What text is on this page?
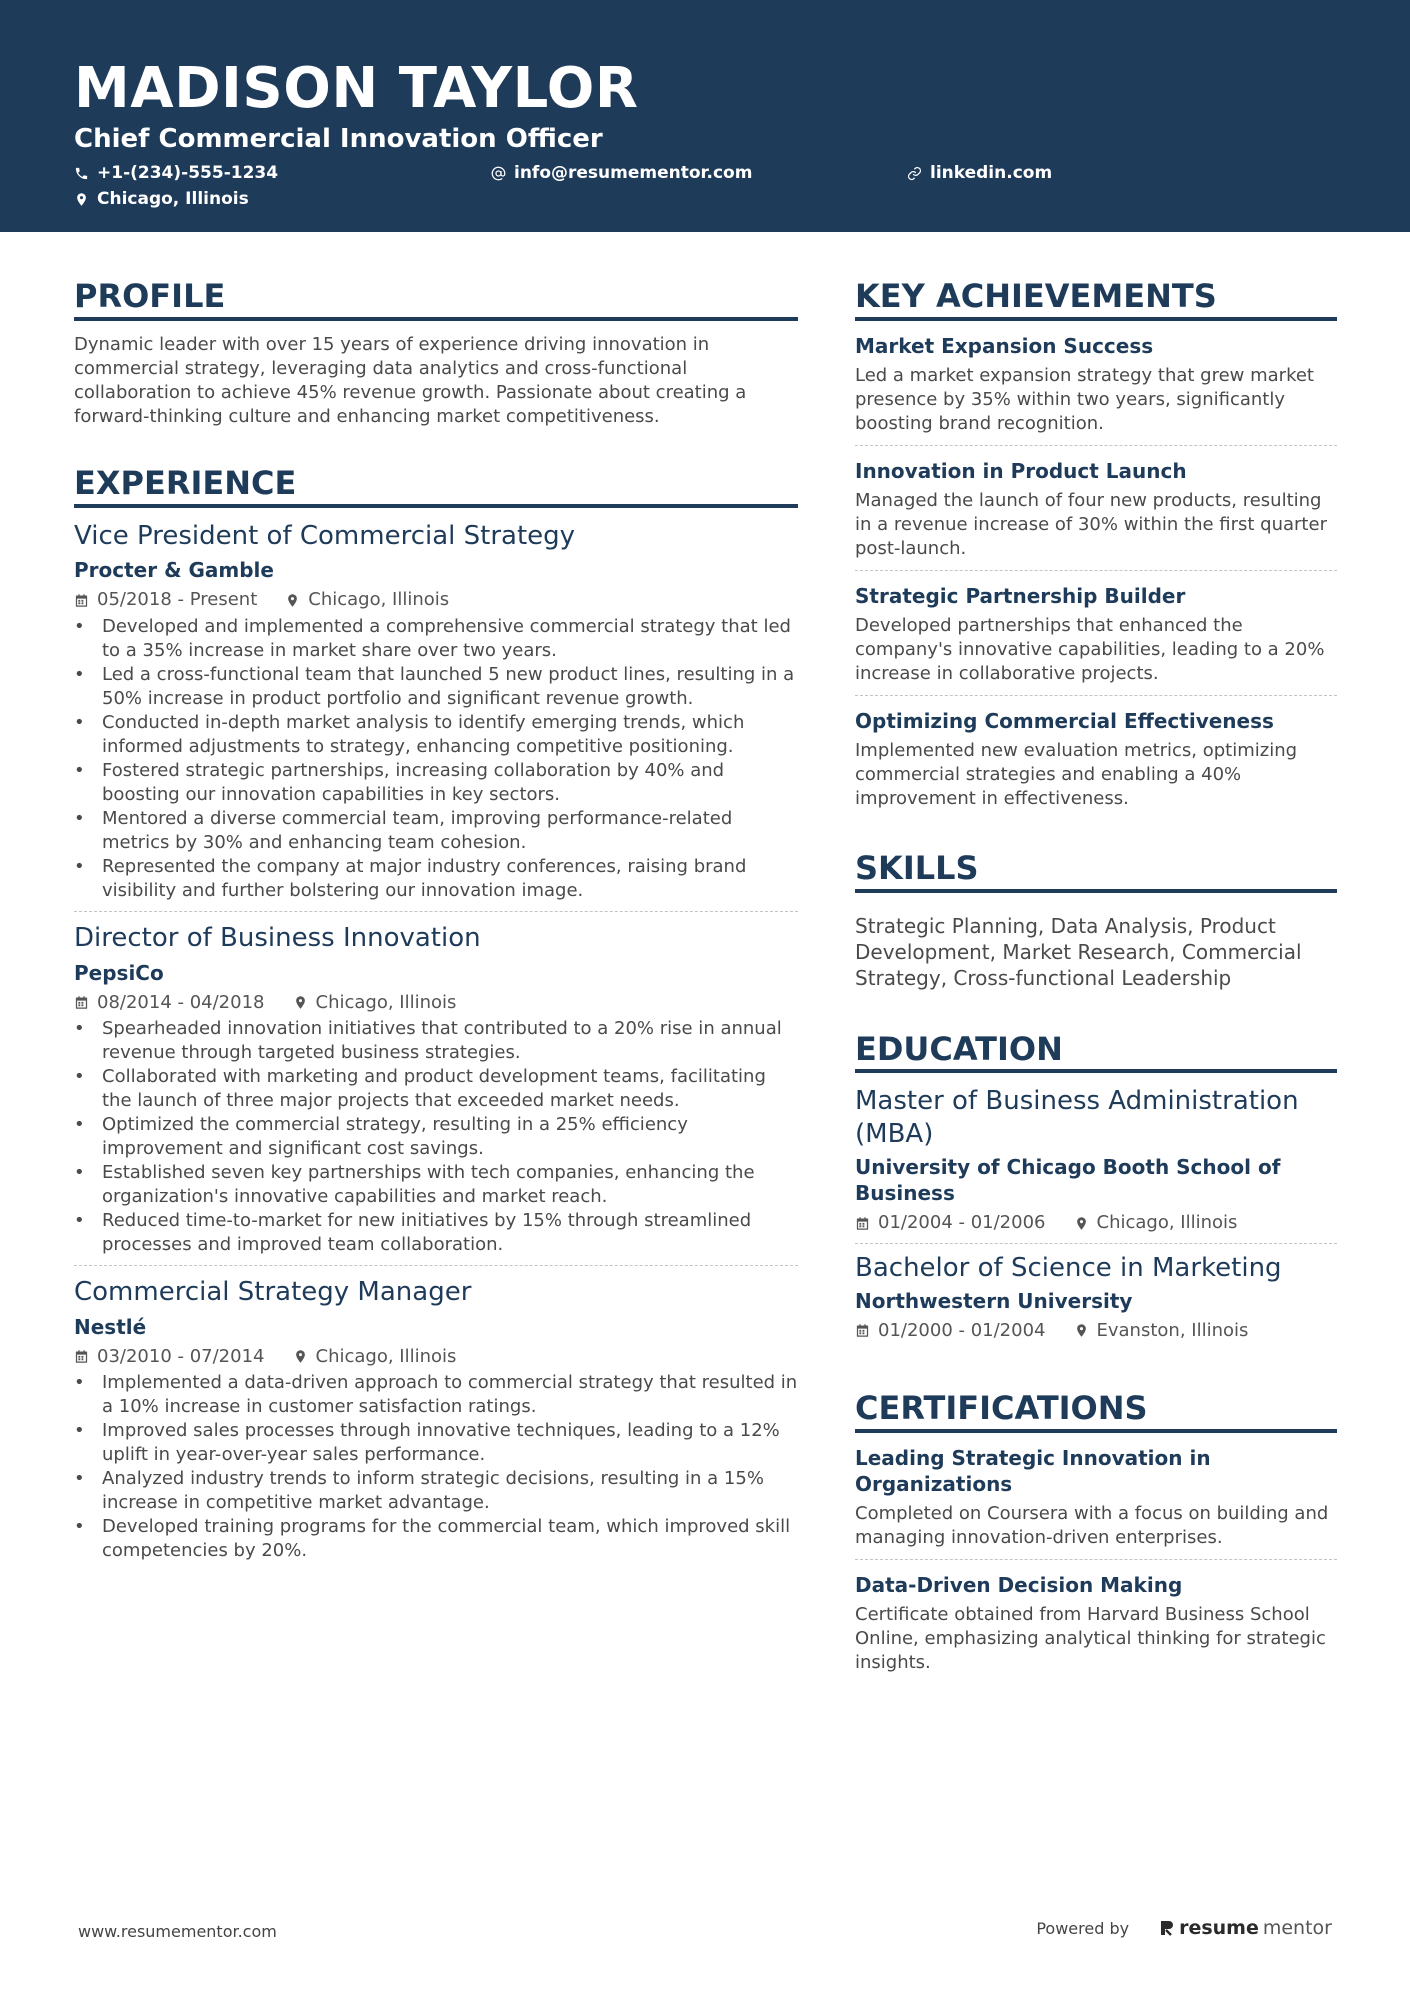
MADISON TAYLOR
Chief Commercial Innovation Officer
+1-(234)-555-1234	info@resumementor.com	linkedin.com
Chicago, Illinois
PROFILE

Dynamic leader with over 15 years of experience driving innovation in commercial strategy, leveraging data analytics and cross-functional collaboration to achieve 45% revenue growth. Passionate about creating a forward-thinking culture and enhancing market competitiveness.

EXPERIENCE
Vice President of Commercial Strategy
Procter & Gamble
05/2018 - Present	Chicago, Illinois
• Developed and implemented a comprehensive commercial strategy that led to a 35% increase in market share over two years.
• Led a cross-functional team that launched 5 new product lines, resulting in a 50% increase in product portfolio and significant revenue growth.
• Conducted in-depth market analysis to identify emerging trends, which informed adjustments to strategy, enhancing competitive positioning.
• Fostered strategic partnerships, increasing collaboration by 40% and boosting our innovation capabilities in key sectors.
• Mentored a diverse commercial team, improving performance-related metrics by 30% and enhancing team cohesion.
• Represented the company at major industry conferences, raising brand visibility and further bolstering our innovation image.
Director of Business Innovation
PepsiCo
08/2014 - 04/2018	Chicago, Illinois
• Spearheaded innovation initiatives that contributed to a 20% rise in annual revenue through targeted business strategies.
• Collaborated with marketing and product development teams, facilitating the launch of three major projects that exceeded market needs.
• Optimized the commercial strategy, resulting in a 25% efficiency improvement and significant cost savings.
• Established seven key partnerships with tech companies, enhancing the organization's innovative capabilities and market reach.
• Reduced time-to-market for new initiatives by 15% through streamlined processes and improved team collaboration.
Commercial Strategy Manager
Nestlé
03/2010 - 07/2014	Chicago, Illinois
• Implemented a data-driven approach to commercial strategy that resulted in a 10% increase in customer satisfaction ratings.
• Improved sales processes through innovative techniques, leading to a 12% uplift in year-over-year sales performance.
• Analyzed industry trends to inform strategic decisions, resulting in a 15% increase in competitive market advantage.
• Developed training programs for the commercial team, which improved skill competencies by 20%.
KEY ACHIEVEMENTS
Market Expansion Success
Led a market expansion strategy that grew market presence by 35% within two years, significantly boosting brand recognition.
Innovation in Product Launch
Managed the launch of four new products, resulting in a revenue increase of 30% within the first quarter post-launch.
Strategic Partnership Builder
Developed partnerships that enhanced the company's innovative capabilities, leading to a 20% increase in collaborative projects.
Optimizing Commercial Effectiveness
Implemented new evaluation metrics, optimizing commercial strategies and enabling a 40% improvement in effectiveness.
SKILLS

Strategic Planning, Data Analysis, Product Development, Market Research, Commercial Strategy, Cross-functional Leadership

EDUCATION
Master of Business Administration (MBA)
University of Chicago Booth School of Business
01/2004 - 01/2006	Chicago, Illinois
Bachelor of Science in Marketing
Northwestern University
01/2000 - 01/2004	Evanston, Illinois
CERTIFICATIONS
Leading Strategic Innovation in Organizations
Completed on Coursera with a focus on building and managing innovation-driven enterprises.
Data-Driven Decision Making
Certificate obtained from Harvard Business School Online, emphasizing analytical thinking for strategic insights.
www.resumementor.com	Powered by	resume mentor
